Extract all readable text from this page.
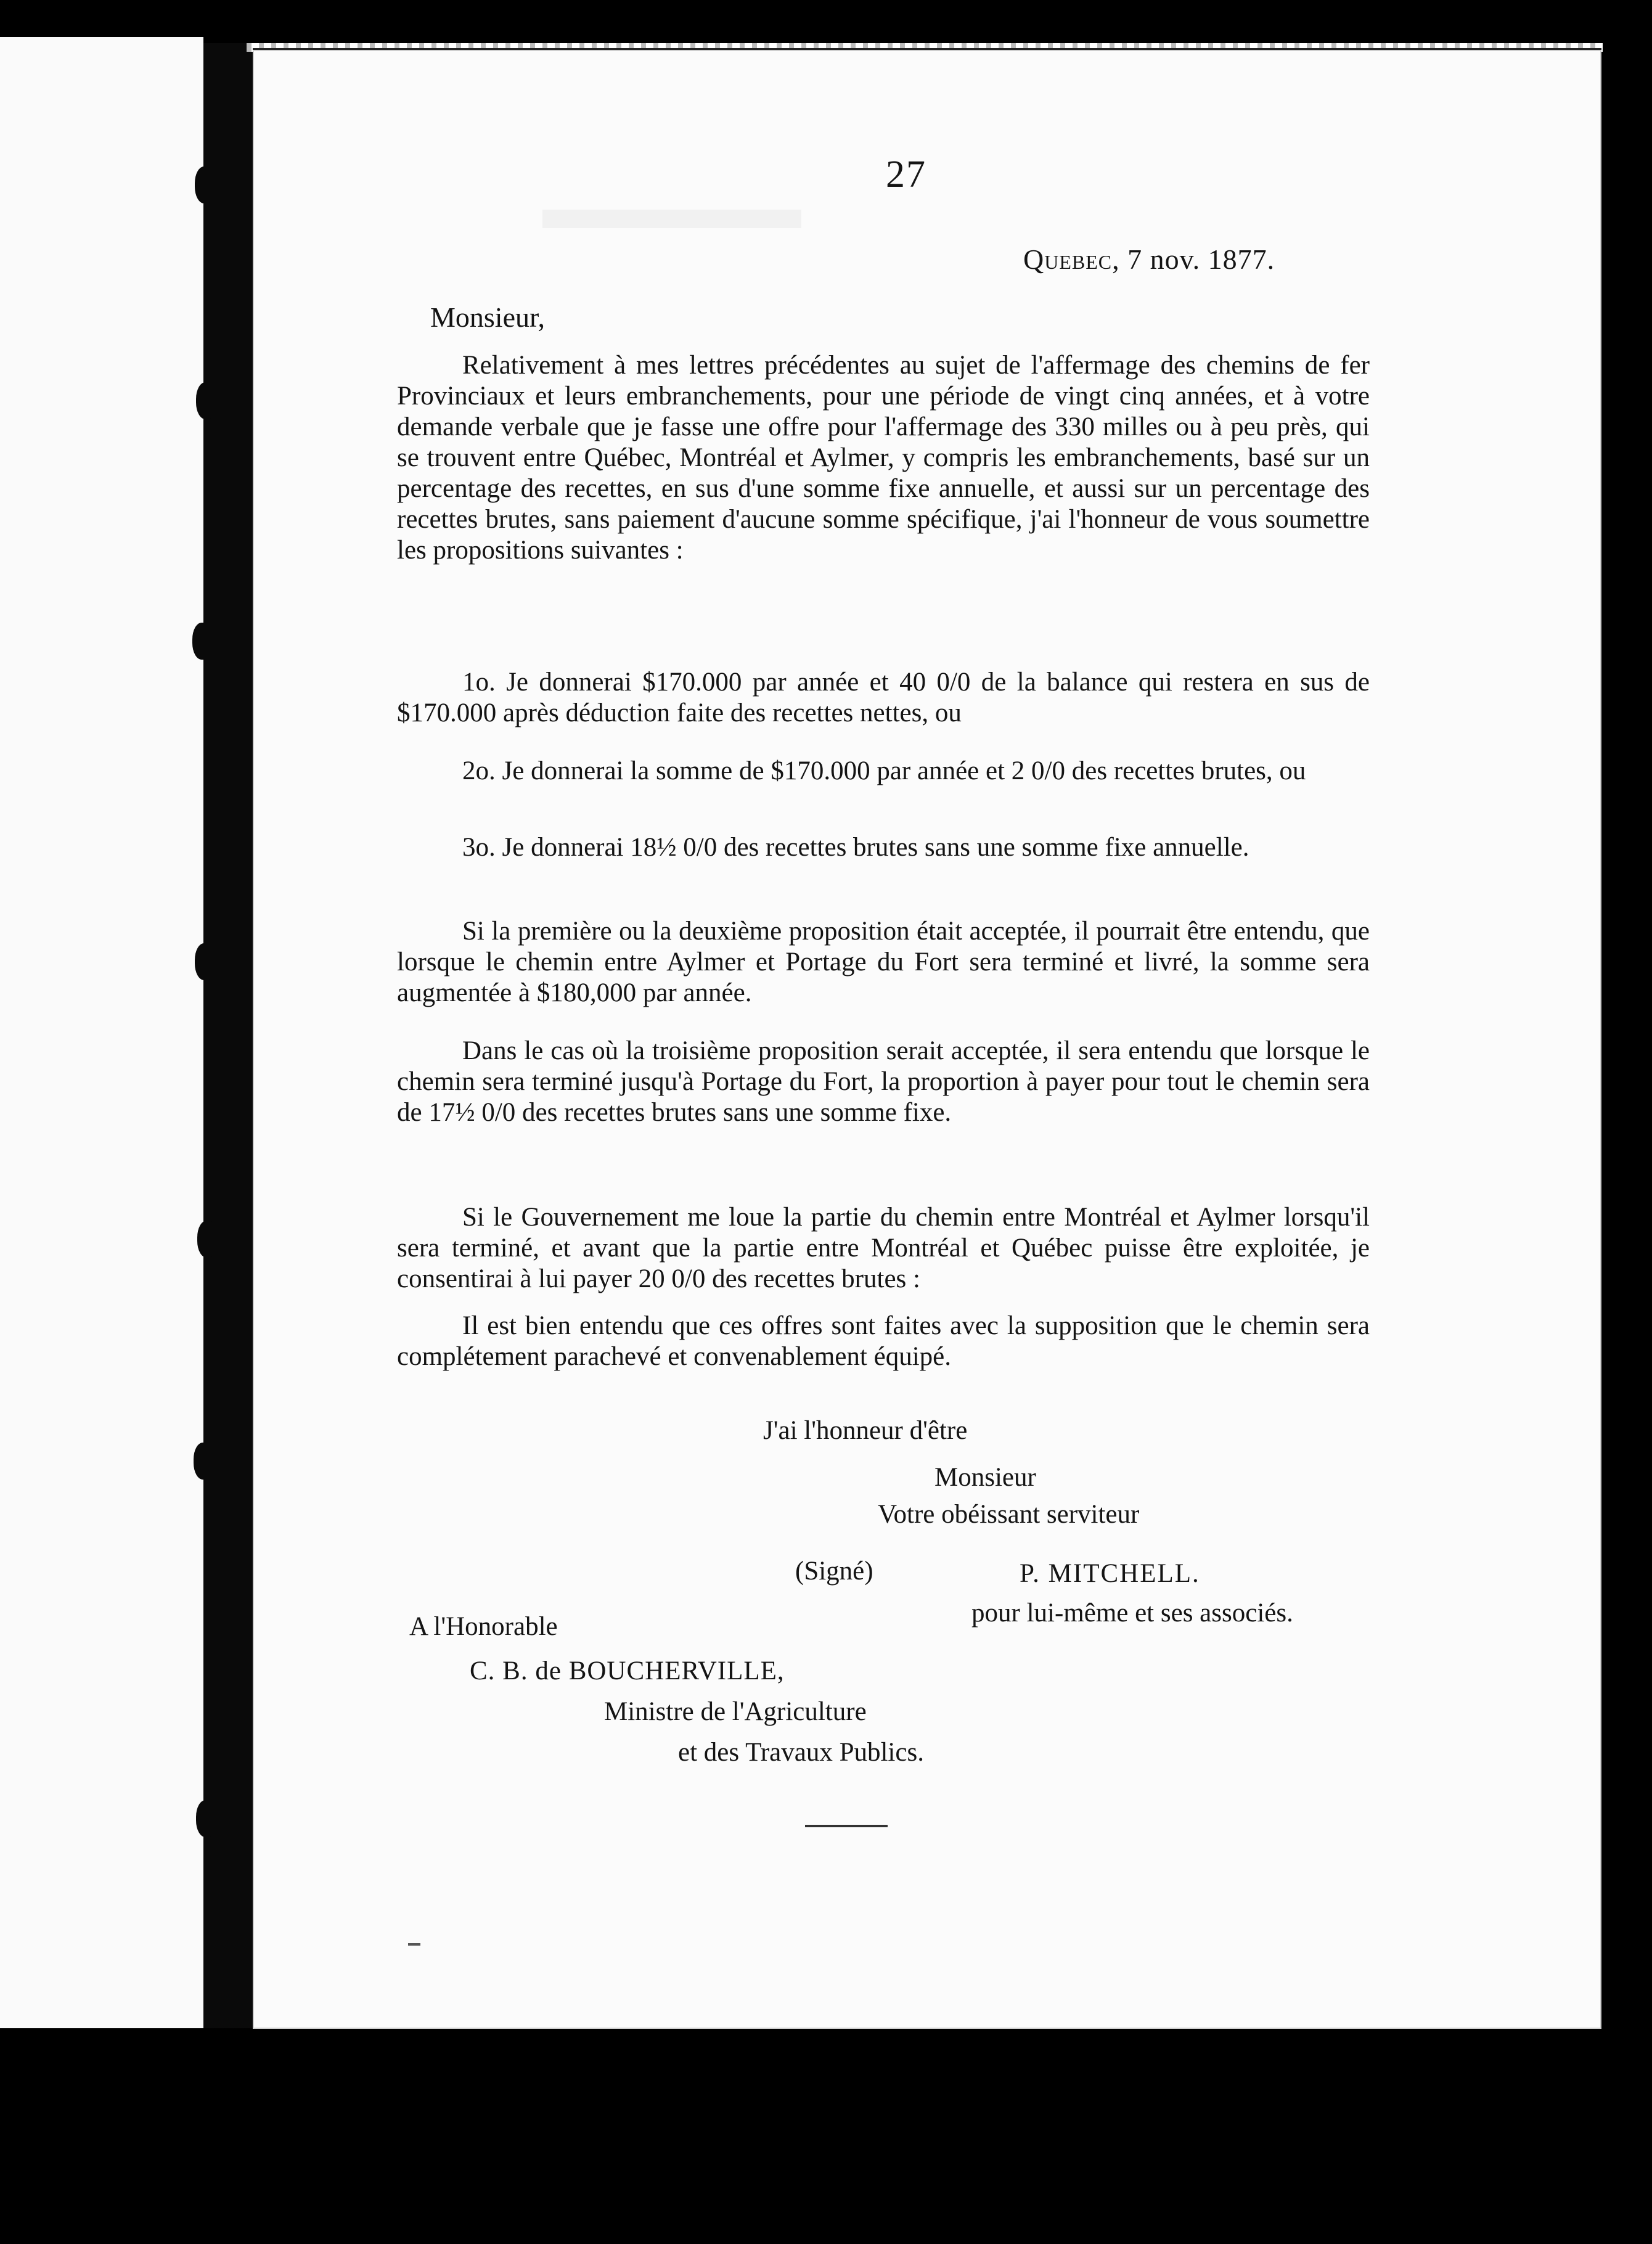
27
Quebec, 7 nov. 1877.
Monsieur,

Relativement à mes lettres précédentes au sujet de l'affermage des chemins de fer Provinciaux et leurs embranchements, pour une période de vingt cinq années, et à votre demande verbale que je fasse une offre pour l'affermage des 330 milles ou à peu près, qui se trouvent entre Québec, Montréal et Aylmer, y compris les embranchements, basé sur un percentage des recettes, en sus d'une somme fixe annuelle, et aussi sur un percentage des recettes brutes, sans paiement d'aucune somme spécifique, j'ai l'honneur de vous soumettre les propositions suivantes :

1o. Je donnerai $170.000 par année et 40 0/0 de la balance qui restera en sus de $170.000 après déduction faite des recettes nettes, ou

2o. Je donnerai la somme de $170.000 par année et 2 0/0 des recettes brutes, ou

3o. Je donnerai 18½ 0/0 des recettes brutes sans une somme fixe annuelle.

Si la première ou la deuxième proposition était acceptée, il pourrait être entendu, que lorsque le chemin entre Aylmer et Portage du Fort sera terminé et livré, la somme sera augmentée à $180,000 par année.

Dans le cas où la troisième proposition serait acceptée, il sera entendu que lorsque le chemin sera terminé jusqu'à Portage du Fort, la proportion à payer pour tout le chemin sera de 17½ 0/0 des recettes brutes sans une somme fixe.

Si le Gouvernement me loue la partie du chemin entre Montréal et Aylmer lorsqu'il sera terminé, et avant que la partie entre Montréal et Québec puisse être exploitée, je consentirai à lui payer 20 0/0 des recettes brutes :

Il est bien entendu que ces offres sont faites avec la supposition que le chemin sera complétement parachevé et convenablement équipé.

J'ai l'honneur d'être
Monsieur
Votre obéissant serviteur
(Signé)	P. MITCHELL.
pour lui-même et ses associés.
A l'Honorable
C. B. de BOUCHERVILLE,
Ministre de l'Agriculture
et des Travaux Publics.
